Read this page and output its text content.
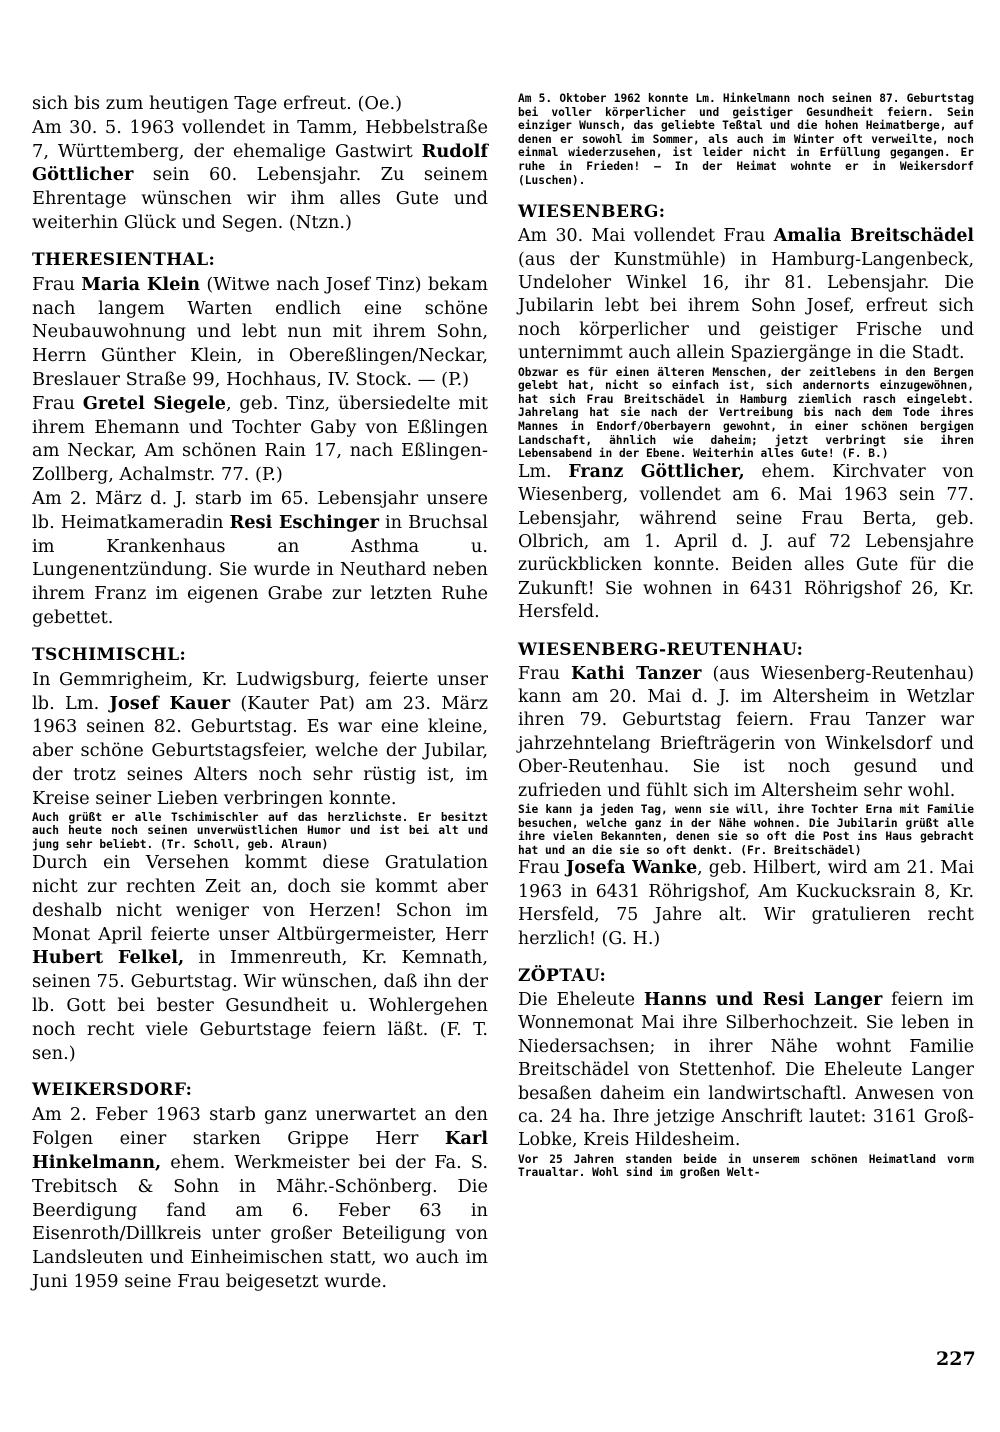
sich bis zum heutigen Tage erfreut. (Oe.)

Am 30. 5. 1963 vollendet in Tamm, Hebbelstraße 7, Württemberg, der ehemalige Gastwirt Rudolf Göttlicher sein 60. Lebensjahr. Zu seinem Ehrentage wünschen wir ihm alles Gute und weiterhin Glück und Segen. (Ntzn.)

THERESIENTHAL:

Frau Maria Klein (Witwe nach Josef Tinz) bekam nach langem Warten endlich eine schöne Neubauwohnung und lebt nun mit ihrem Sohn, Herrn Günther Klein, in Obereßlingen/Neckar, Breslauer Straße 99, Hochhaus, IV. Stock. — (P.)

Frau Gretel Siegele, geb. Tinz, übersiedelte mit ihrem Ehemann und Tochter Gaby von Eßlingen am Neckar, Am schönen Rain 17, nach Eßlingen-Zollberg, Achalmstr. 77. (P.)

Am 2. März d. J. starb im 65. Lebensjahr unsere lb. Heimatkameradin Resi Eschinger in Bruchsal im Krankenhaus an Asthma u. Lungenentzündung. Sie wurde in Neuthard neben ihrem Franz im eigenen Grabe zur letzten Ruhe gebettet.

TSCHIMISCHL:

In Gemmrigheim, Kr. Ludwigsburg, feierte unser lb. Lm. Josef Kauer (Kauter Pat) am 23. März 1963 seinen 82. Geburtstag. Es war eine kleine, aber schöne Geburtstagsfeier, welche der Jubilar, der trotz seines Alters noch sehr rüstig ist, im Kreise seiner Lieben verbringen konnte.

Auch grüßt er alle Tschimischler auf das herzlichste. Er besitzt auch heute noch seinen unverwüstlichen Humor und ist bei alt und jung sehr beliebt. (Tr. Scholl, geb. Alraun)

Durch ein Versehen kommt diese Gratulation nicht zur rechten Zeit an, doch sie kommt aber deshalb nicht weniger von Herzen! Schon im Monat April feierte unser Altbürgermeister, Herr Hubert Felkel, in Immenreuth, Kr. Kemnath, seinen 75. Geburtstag. Wir wünschen, daß ihn der lb. Gott bei bester Gesundheit u. Wohlergehen noch recht viele Geburtstage feiern läßt. (F. T. sen.)

WEIKERSDORF:

Am 2. Feber 1963 starb ganz unerwartet an den Folgen einer starken Grippe Herr Karl Hinkelmann, ehem. Werkmeister bei der Fa. S. Trebitsch & Sohn in Mähr.-Schönberg. Die Beerdigung fand am 6. Feber 63 in Eisenroth/Dillkreis unter großer Beteiligung von Landsleuten und Einheimischen statt, wo auch im Juni 1959 seine Frau beigesetzt wurde.

Am 5. Oktober 1962 konnte Lm. Hinkelmann noch seinen 87. Geburtstag bei voller körperlicher und geistiger Gesundheit feiern. Sein einziger Wunsch, das geliebte Teßtal und die hohen Heimatberge, auf denen er sowohl im Sommer, als auch im Winter oft verweilte, noch einmal wiederzusehen, ist leider nicht in Erfüllung gegangen. Er ruhe in Frieden! — In der Heimat wohnte er in Weikersdorf (Luschen).

WIESENBERG:

Am 30. Mai vollendet Frau Amalia Breitschädel (aus der Kunstmühle) in Hamburg-Langenbeck, Undeloher Winkel 16, ihr 81. Lebensjahr. Die Jubilarin lebt bei ihrem Sohn Josef, erfreut sich noch körperlicher und geistiger Frische und unternimmt auch allein Spaziergänge in die Stadt.

Obzwar es für einen älteren Menschen, der zeitlebens in den Bergen gelebt hat, nicht so einfach ist, sich andernorts einzugewöhnen, hat sich Frau Breitschädel in Hamburg ziemlich rasch eingelebt. Jahrelang hat sie nach der Vertreibung bis nach dem Tode ihres Mannes in Endorf/Oberbayern gewohnt, in einer schönen bergigen Landschaft, ähnlich wie daheim; jetzt verbringt sie ihren Lebensabend in der Ebene. Weiterhin alles Gute! (F. B.)

Lm. Franz Göttlicher, ehem. Kirchvater von Wiesenberg, vollendet am 6. Mai 1963 sein 77. Lebensjahr, während seine Frau Berta, geb. Olbrich, am 1. April d. J. auf 72 Lebensjahre zurückblicken konnte. Beiden alles Gute für die Zukunft! Sie wohnen in 6431 Röhrigshof 26, Kr. Hersfeld.

WIESENBERG-REUTENHAU:

Frau Kathi Tanzer (aus Wiesenberg-Reutenhau) kann am 20. Mai d. J. im Altersheim in Wetzlar ihren 79. Geburtstag feiern. Frau Tanzer war jahrzehntelang Briefträgerin von Winkelsdorf und Ober-Reutenhau. Sie ist noch gesund und zufrieden und fühlt sich im Altersheim sehr wohl.

Sie kann ja jeden Tag, wenn sie will, ihre Tochter Erna mit Familie besuchen, welche ganz in der Nähe wohnen. Die Jubilarin grüßt alle ihre vielen Bekannten, denen sie so oft die Post ins Haus gebracht hat und an die sie so oft denkt. (Fr. Breitschädel)

Frau Josefa Wanke, geb. Hilbert, wird am 21. Mai 1963 in 6431 Röhrigshof, Am Kuckucksrain 8, Kr. Hersfeld, 75 Jahre alt. Wir gratulieren recht herzlich! (G. H.)

ZÖPTAU:

Die Eheleute Hanns und Resi Langer feiern im Wonnemonat Mai ihre Silberhochzeit. Sie leben in Niedersachsen; in ihrer Nähe wohnt Familie Breitschädel von Stettenhof. Die Eheleute Langer besaßen daheim ein landwirtschaftl. Anwesen von ca. 24 ha. Ihre jetzige Anschrift lautet: 3161 Groß-Lobke, Kreis Hildesheim.

Vor 25 Jahren standen beide in unserem schönen Heimatland vorm Traualtar. Wohl sind im großen Welt-

227
